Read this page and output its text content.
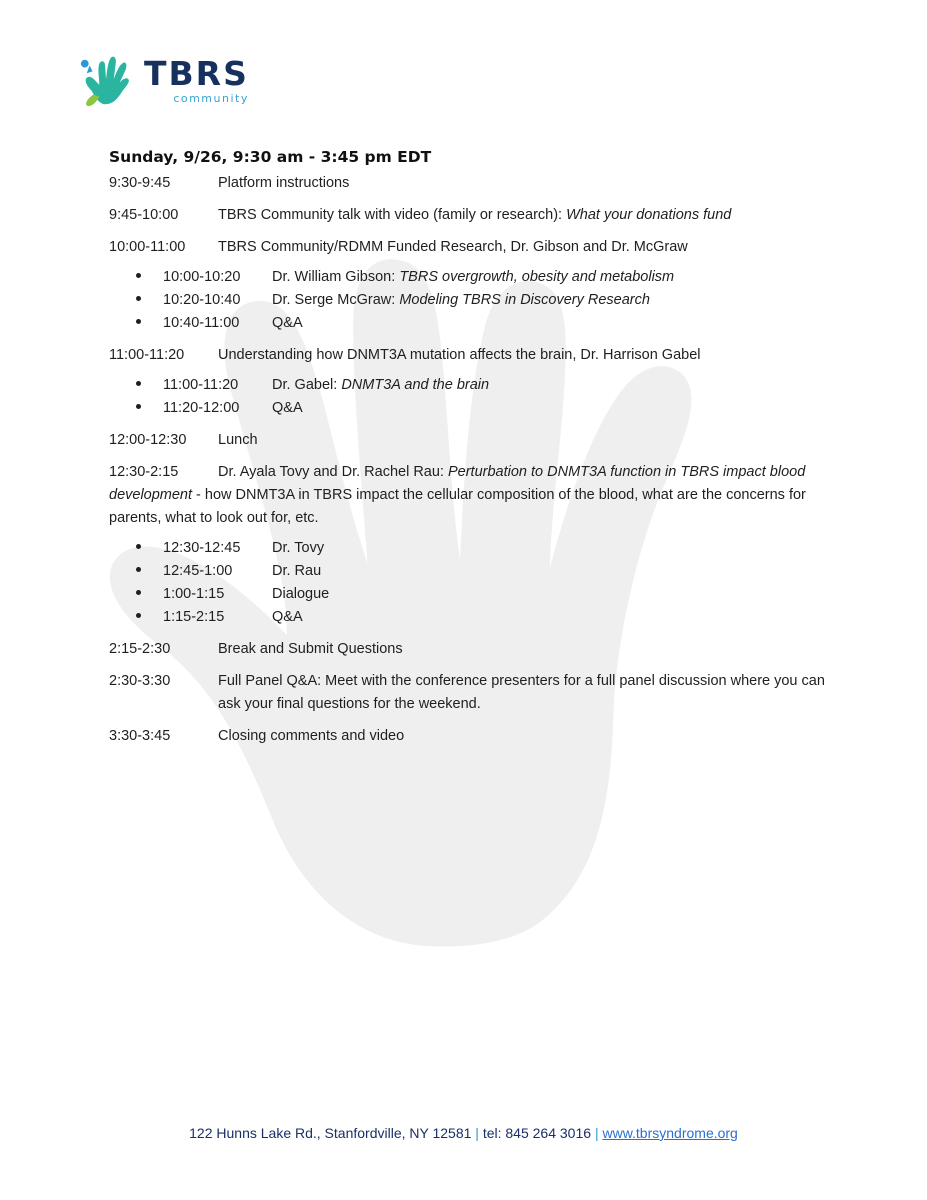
TBRS
community
Sunday, 9/26, 9:30 am - 3:45 pm EDT
9:30-9:45	Platform instructions
9:45-10:00	TBRS Community talk with video (family or research): What your donations fund
10:00-11:00	TBRS Community/RDMM Funded Research, Dr. Gibson and Dr. McGraw
10:00-10:20	Dr. William Gibson: TBRS overgrowth, obesity and metabolism
10:20-10:40	Dr. Serge McGraw: Modeling TBRS in Discovery Research
10:40-11:00	Q&A
11:00-11:20	Understanding how DNMT3A mutation affects the brain, Dr. Harrison Gabel
11:00-11:20	Dr. Gabel: DNMT3A and the brain
11:20-12:00	Q&A
12:00-12:30	Lunch
12:30-2:15	Dr. Ayala Tovy and Dr. Rachel Rau: Perturbation to DNMT3A function in TBRS impact blood development - how DNMT3A in TBRS impact the cellular composition of the blood, what are the concerns for parents, what to look out for, etc.
12:30-12:45	Dr. Tovy
12:45-1:00	Dr. Rau
1:00-1:15	Dialogue
1:15-2:15	Q&A
2:15-2:30	Break and Submit Questions
2:30-3:30	Full Panel Q&A: Meet with the conference presenters for a full panel discussion where you can ask your final questions for the weekend.
3:30-3:45	Closing comments and video
122 Hunns Lake Rd., Stanfordville, NY 12581 | tel: 845 264 3016 | www.tbrsyndrome.org
